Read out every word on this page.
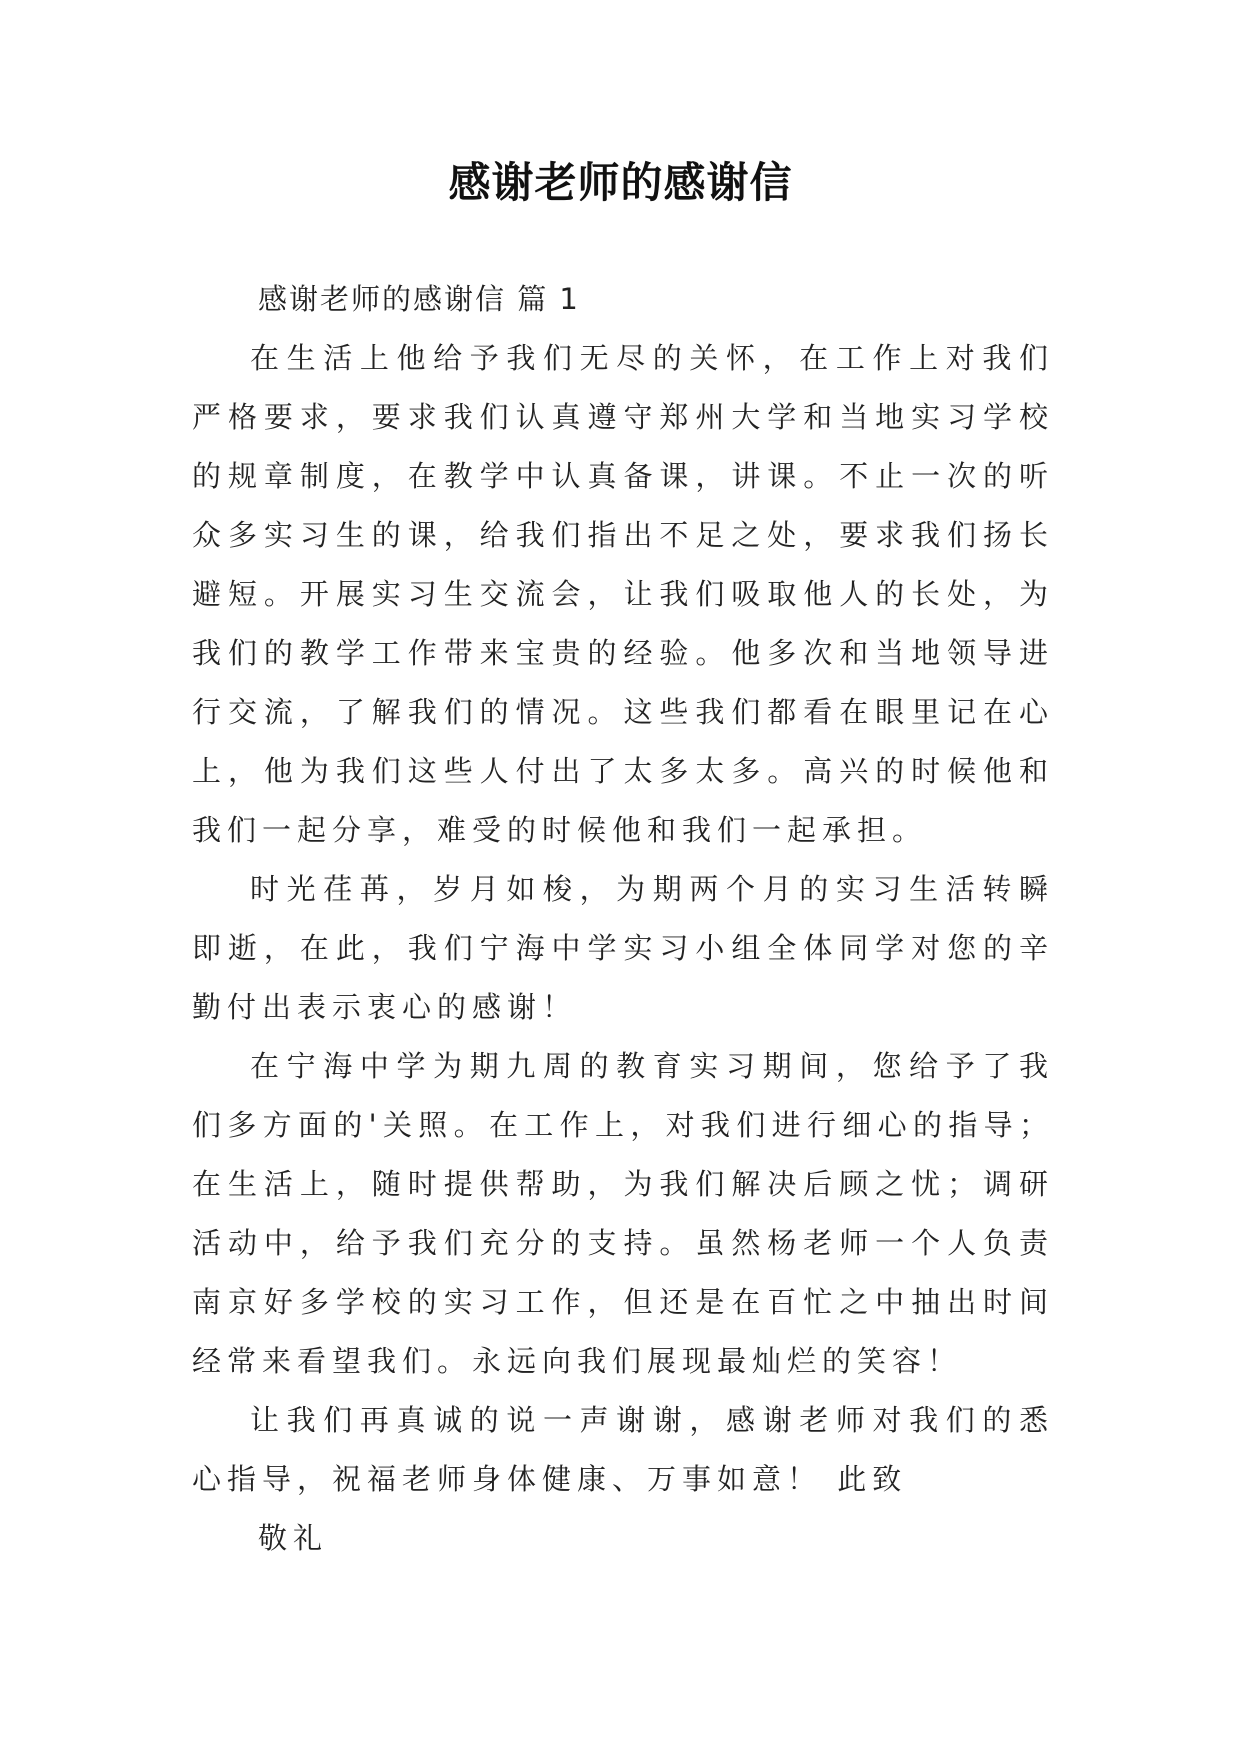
感谢老师的感谢信

感谢老师的感谢信 篇 1

在生活上他给予我们无尽的关怀，在工作上对我们严格要求，要求我们认真遵守郑州大学和当地实习学校的规章制度，在教学中认真备课，讲课。不止一次的听众多实习生的课，给我们指出不足之处，要求我们扬长避短。开展实习生交流会，让我们吸取他人的长处，为我们的教学工作带来宝贵的经验。他多次和当地领导进行交流，了解我们的情况。这些我们都看在眼里记在心上，他为我们这些人付出了太多太多。高兴的时候他和我们一起分享，难受的时候他和我们一起承担。

时光荏苒，岁月如梭，为期两个月的实习生活转瞬即逝，在此，我们宁海中学实习小组全体同学对您的辛勤付出表示衷心的感谢！

在宁海中学为期九周的教育实习期间，您给予了我们多方面的'关照。在工作上，对我们进行细心的指导；在生活上，随时提供帮助，为我们解决后顾之忧；调研活动中，给予我们充分的支持。虽然杨老师一个人负责南京好多学校的实习工作，但还是在百忙之中抽出时间经常来看望我们。永远向我们展现最灿烂的笑容！

让我们再真诚的说一声谢谢，感谢老师对我们的悉心指导，祝福老师身体健康、万事如意！ 此致

敬礼
